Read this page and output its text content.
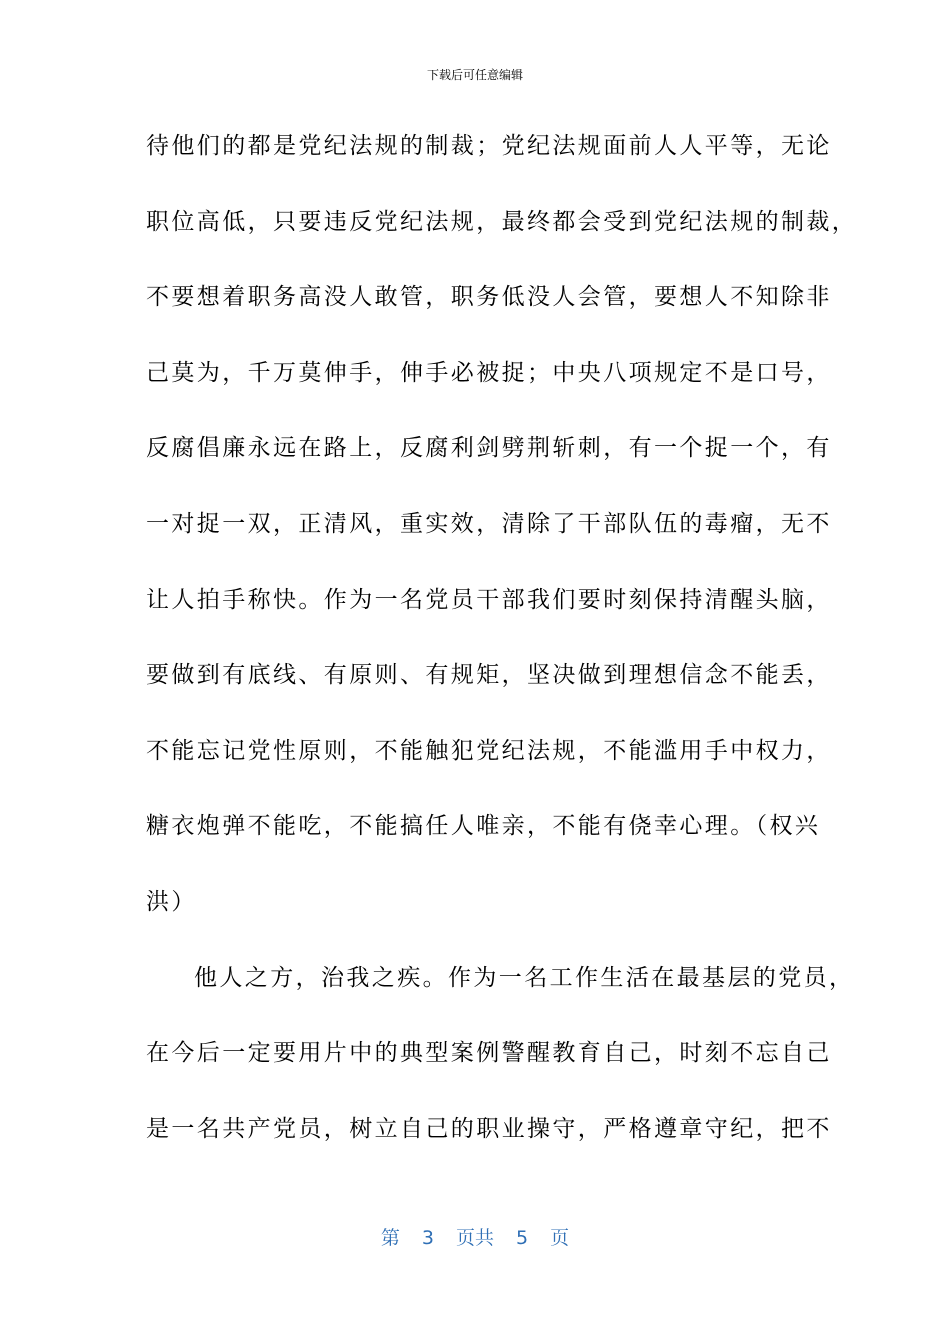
下载后可任意编辑
待他们的都是党纪法规的制裁；党纪法规面前人人平等，无论
职位高低，只要违反党纪法规，最终都会受到党纪法规的制裁，
不要想着职务高没人敢管，职务低没人会管，要想人不知除非
己莫为，千万莫伸手，伸手必被捉；中央八项规定不是口号，
反腐倡廉永远在路上，反腐利剑劈荆斩刺，有一个捉一个，有
一对捉一双，正清风，重实效，清除了干部队伍的毒瘤，无不
让人拍手称快。作为一名党员干部我们要时刻保持清醒头脑，
要做到有底线、有原则、有规矩，坚决做到理想信念不能丢，
不能忘记党性原则，不能触犯党纪法规，不能滥用手中权力，
糖衣炮弹不能吃，不能搞任人唯亲，不能有侥幸心理。（权兴
洪）
他人之方，治我之疾。作为一名工作生活在最基层的党员，
在今后一定要用片中的典型案例警醒教育自己，时刻不忘自己
是一名共产党员，树立自己的职业操守，严格遵章守纪，把不
第 3 页共 5 页
